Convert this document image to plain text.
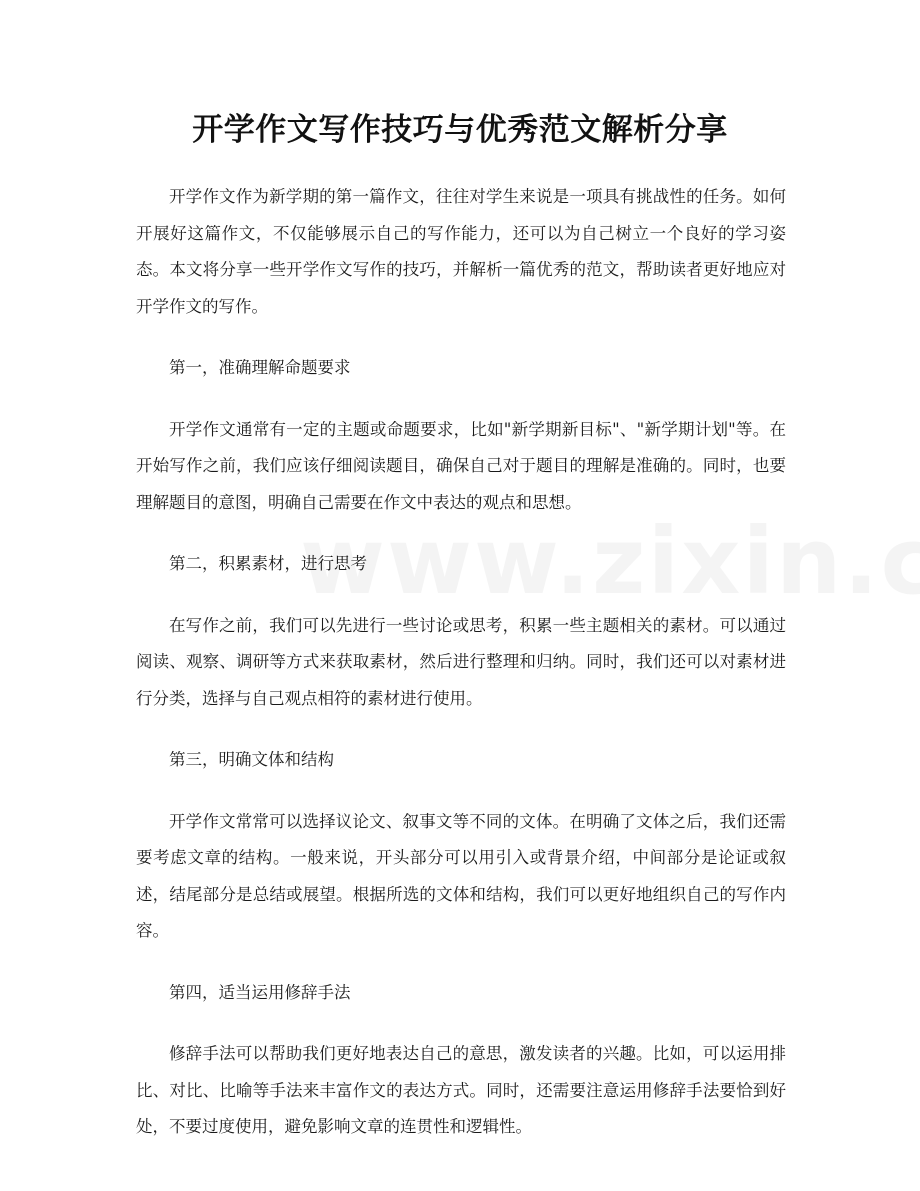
开学作文写作技巧与优秀范文解析分享

开学作文作为新学期的第一篇作文，往往对学生来说是一项具有挑战性的任务。如何开展好这篇作文，不仅能够展示自己的写作能力，还可以为自己树立一个良好的学习姿态。本文将分享一些开学作文写作的技巧，并解析一篇优秀的范文，帮助读者更好地应对开学作文的写作。

第一，准确理解命题要求

开学作文通常有一定的主题或命题要求，比如"新学期新目标"、"新学期计划"等。在开始写作之前，我们应该仔细阅读题目，确保自己对于题目的理解是准确的。同时，也要理解题目的意图，明确自己需要在作文中表达的观点和思想。

第二，积累素材，进行思考

在写作之前，我们可以先进行一些讨论或思考，积累一些主题相关的素材。可以通过阅读、观察、调研等方式来获取素材，然后进行整理和归纳。同时，我们还可以对素材进行分类，选择与自己观点相符的素材进行使用。

第三，明确文体和结构

开学作文常常可以选择议论文、叙事文等不同的文体。在明确了文体之后，我们还需要考虑文章的结构。一般来说，开头部分可以用引入或背景介绍，中间部分是论证或叙述，结尾部分是总结或展望。根据所选的文体和结构，我们可以更好地组织自己的写作内容。

第四，适当运用修辞手法

修辞手法可以帮助我们更好地表达自己的意思，激发读者的兴趣。比如，可以运用排比、对比、比喻等手法来丰富作文的表达方式。同时，还需要注意运用修辞手法要恰到好处，不要过度使用，避免影响文章的连贯性和逻辑性。
